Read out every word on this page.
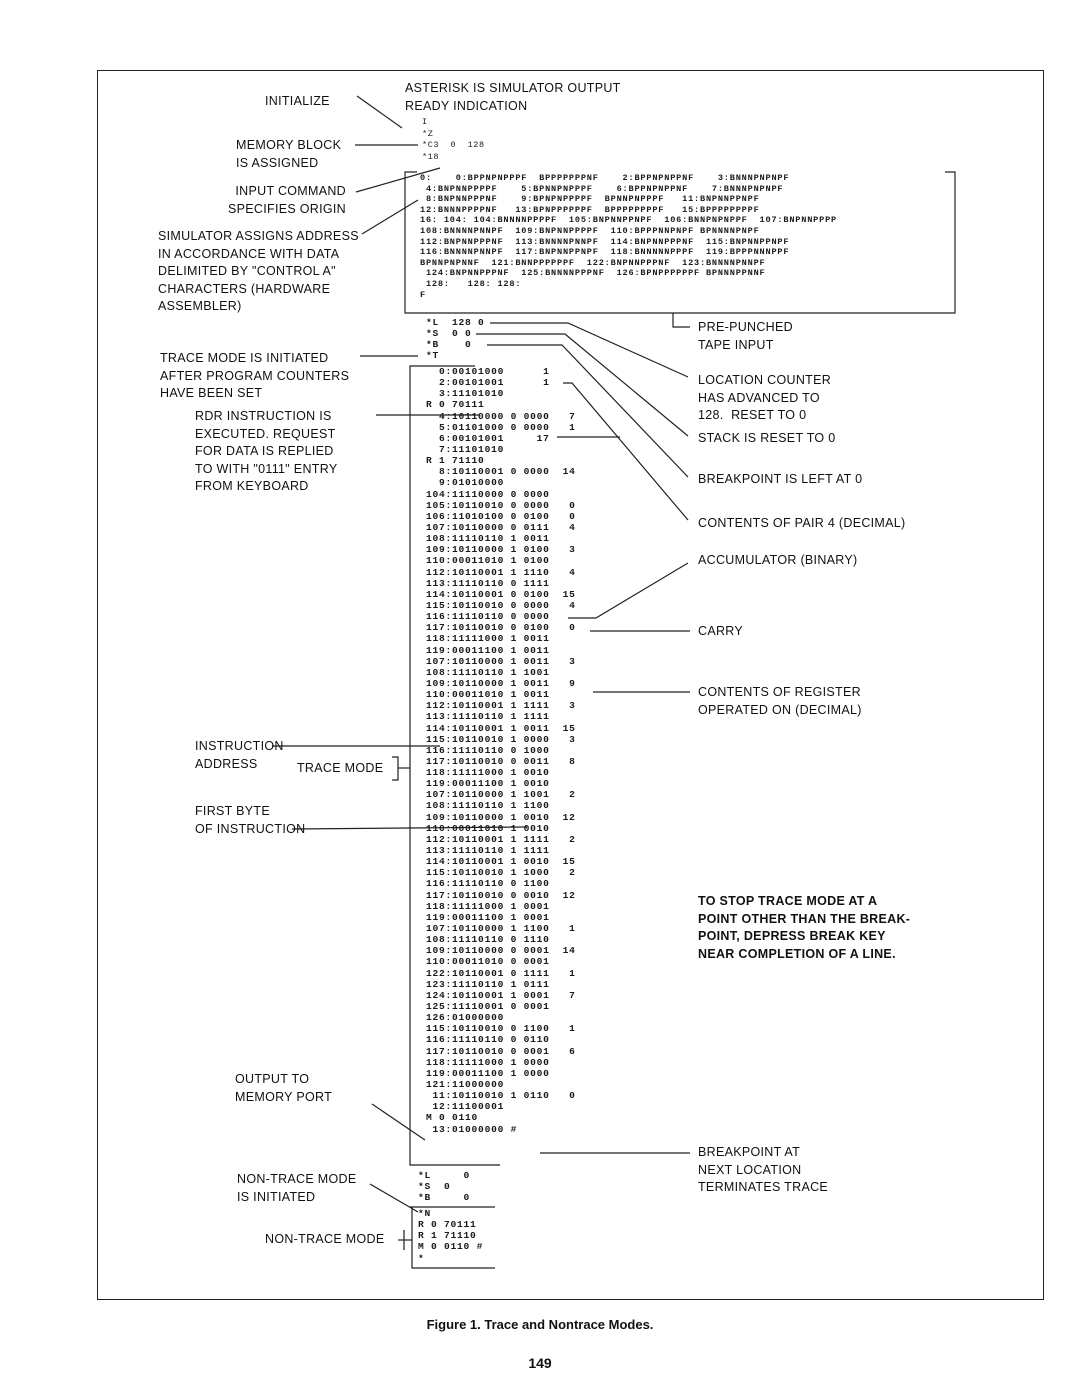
ASTERISK IS SIMULATOR OUTPUT
READY INDICATION
I
*Z
*C3  0  128
*18
0:    0:BPPNPNPPPF  BPPPPPPPNF    2:BPPNPNPPNF    3:BNNNPNPNPF
4:BNPNNPPPPF    5:BPNNPNPPPF    6:BPPNPNPPNF    7:BNNNPNPNPF
8:BNPNNPPPNF    9:BPNPNPPPPF  BPNNPNPPPF   11:BNPNNPPNPF
12:BNNNPPPPNF   13:BPNPPPPPPF  BPPPPPPPPF   15:BPPPPPPPPF
16: 104: 104:BNNNNPPPPF  105:BNPNNPPNPF  106:BNNPNPNPPF  107:BNPNNPPPP
108:BNNNNPNNPF  109:BNPNNPPPPF  110:BPPPNNPNPF BPNNNNPNPF
112:BNPNNPPPNF  113:BNNNNPNNPF  114:BNPNNPPPNF  115:BNPNNPPNPF
116:BNNNNPNNPF  117:BNPNNPPNPF  118:BNNNNNPPPF  119:BPPPNNNPPF
BPNNPNPNNF  121:BNNPPPPPPF  122:BNPNNPPPNF  123:BNNNNPNNPF
124:BNPNNPPPNF  125:BNNNNPPPNF  126:BPNPPPPPPF BPNNNPPNNF
128:   128: 128:
F
*L  128 0
*S  0 0
*B    0
*T
0:00101000      1
2:00101001      1
3:11101010
R 0 70111
4:10110000 0 0000   7
5:01101000 0 0000   1
6:00101001     17
7:11101010
R 1 71110
8:10110001 0 0000  14
9:01010000
104:11110000 0 0000
105:10110010 0 0000   0
106:11010100 0 0100   0
107:10110000 0 0111   4
108:11110110 1 0011
109:10110000 1 0100   3
110:00011010 1 0100
112:10110001 1 1110   4
113:11110110 0 1111
114:10110001 0 0100  15
115:10110010 0 0000   4
116:11110110 0 0000
117:10110010 0 0100   0
118:11111000 1 0011
119:00011100 1 0011
107:10110000 1 0011   3
108:11110110 1 1001
109:10110000 1 0011   9
110:00011010 1 0011
112:10110001 1 1111   3
113:11110110 1 1111
114:10110001 1 0011  15
115:10110010 1 0000   3
116:11110110 0 1000
117:10110010 0 0011   8
118:11111000 1 0010
119:00011100 1 0010
107:10110000 1 1001   2
108:11110110 1 1100
109:10110000 1 0010  12
110:00011010 1 0010
112:10110001 1 1111   2
113:11110110 1 1111
114:10110001 1 0010  15
115:10110010 1 1000   2
116:11110110 0 1100
117:10110010 0 0010  12
118:11111000 1 0001
119:00011100 1 0001
107:10110000 1 1100   1
108:11110110 0 1110
109:10110000 0 0001  14
110:00011010 0 0001
122:10110001 0 1111   1
123:11110110 1 0111
124:10110001 1 0001   7
125:11110001 0 0001
126:01000000
115:10110010 0 1100   1
116:11110110 0 0110
117:10110010 0 0001   6
118:11111000 1 0000
119:00011100 1 0000
121:11000000
11:10110010 1 0110   0
12:11100001
M 0 0110
13:01000000 #
*L     0
*S  0
*B     0
*N
R 0 70111
R 1 71110
M 0 0110 #
*
INITIALIZE
MEMORY BLOCK
IS ASSIGNED
INPUT COMMAND
SPECIFIES ORIGIN
SIMULATOR ASSIGNS ADDRESS
IN ACCORDANCE WITH DATA
DELIMITED BY "CONTROL A"
CHARACTERS (HARDWARE
ASSEMBLER)
TRACE MODE IS INITIATED
AFTER PROGRAM COUNTERS
HAVE BEEN SET
RDR INSTRUCTION IS
EXECUTED. REQUEST
FOR DATA IS REPLIED
TO WITH "0111" ENTRY
FROM KEYBOARD
INSTRUCTION
ADDRESS	TRACE MODE
FIRST BYTE
OF INSTRUCTION
OUTPUT TO
MEMORY PORT
NON-TRACE MODE
IS INITIATED
NON-TRACE MODE
PRE-PUNCHED
TAPE INPUT
LOCATION COUNTER
HAS ADVANCED TO
128.  RESET TO 0
STACK IS RESET TO 0
BREAKPOINT IS LEFT AT 0
CONTENTS OF PAIR 4 (DECIMAL)
ACCUMULATOR (BINARY)
CARRY
CONTENTS OF REGISTER
OPERATED ON (DECIMAL)
TO STOP TRACE MODE AT A
POINT OTHER THAN THE BREAK-
POINT, DEPRESS BREAK KEY
NEAR COMPLETION OF A LINE.
BREAKPOINT AT
NEXT LOCATION
TERMINATES TRACE
Figure 1. Trace and Nontrace Modes.
149
